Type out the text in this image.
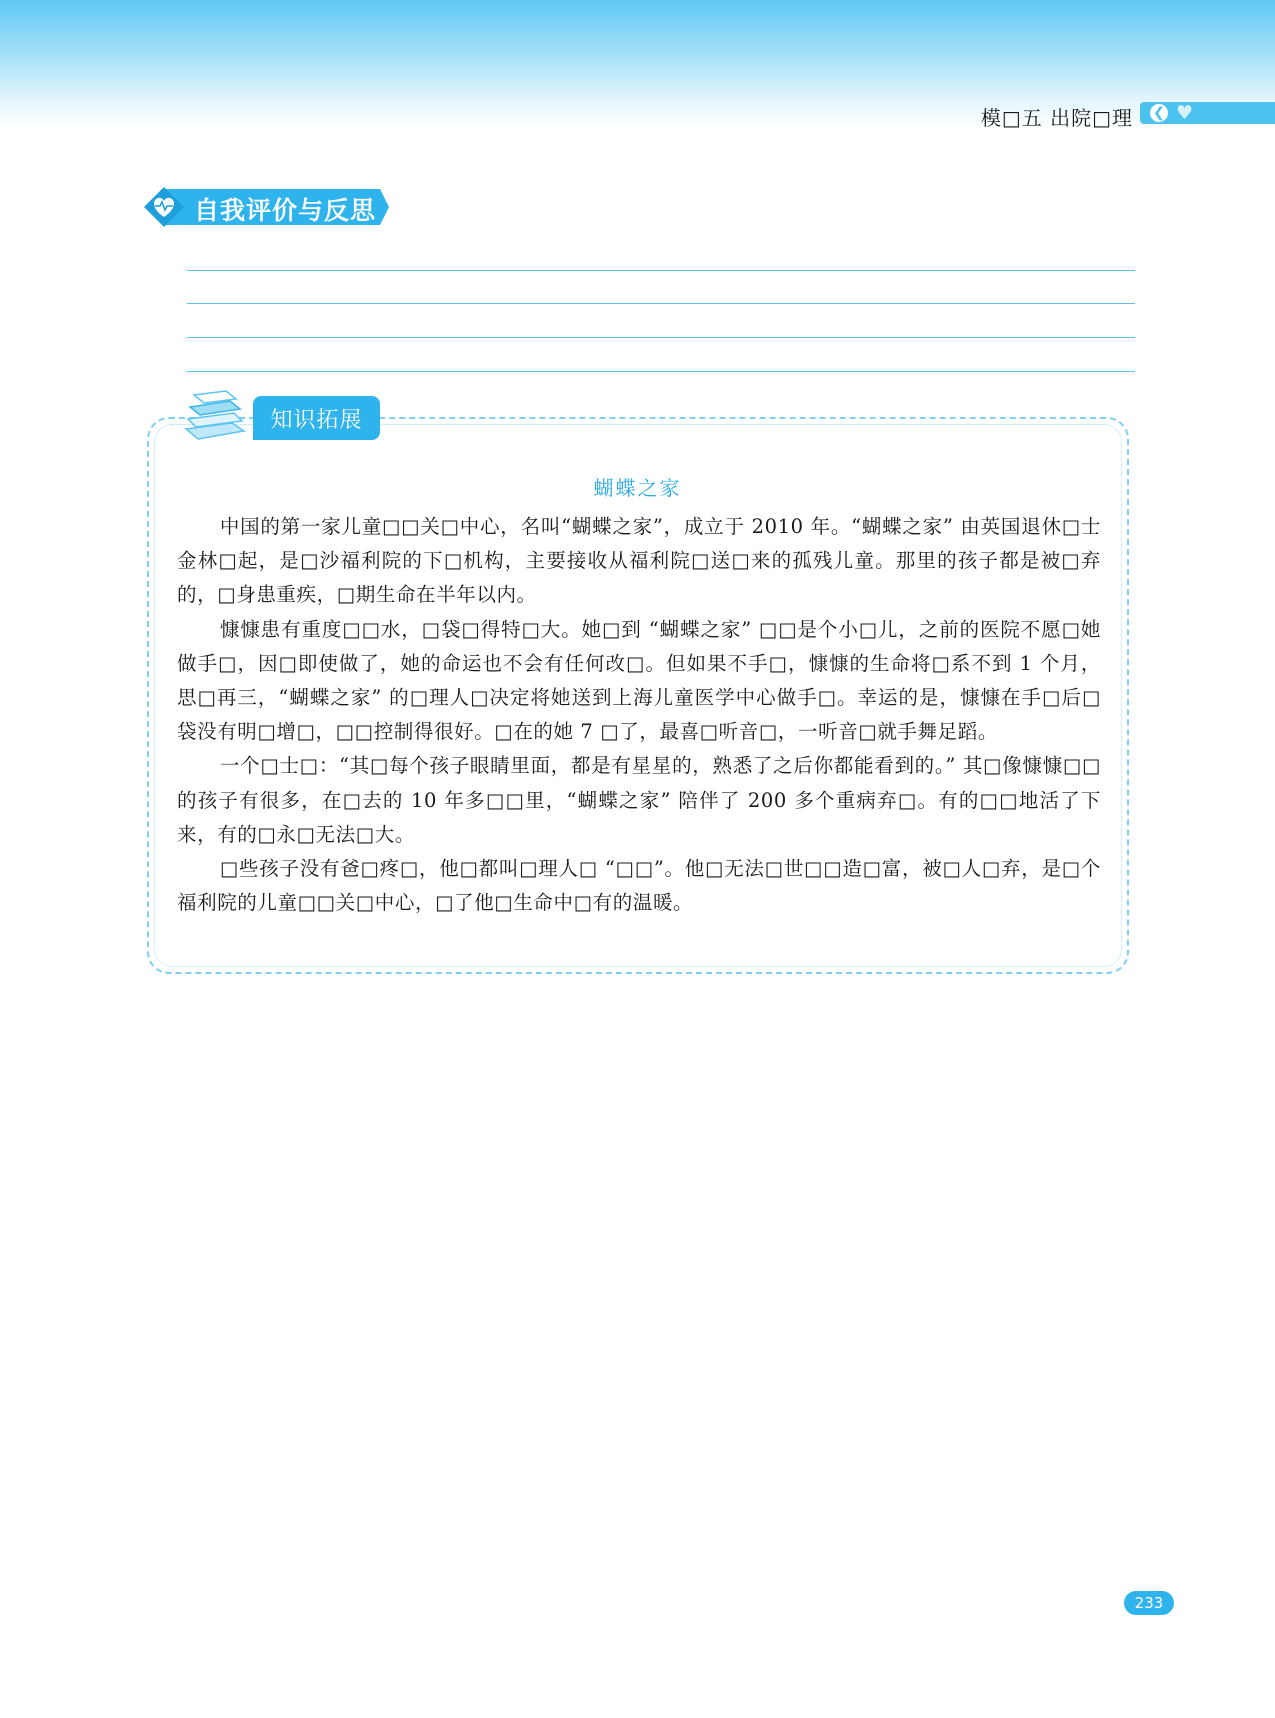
模□五 出院□理 ❮ ♥
自我评价与反思
知识拓展
蝴蝶之家

中国的第一家儿童□□关□中心，名叫“蝴蝶之家”，成立于 2010 年。“蝴蝶之家” 由英国退休□士金林□起，是□沙福利院的下□机构，主要接收从福利院□送□来的孤残儿童。那里的孩子都是被□弃的，□身患重疾，□期生命在半年以内。

慷慷患有重度□□水，□袋□得特□大。她□到 “蝴蝶之家” □□是个小□儿，之前的医院不愿□她做手□，因□即使做了，她的命运也不会有任何改□。但如果不手□，慷慷的生命将□系不到 1 个月，思□再三，“蝴蝶之家” 的□理人□决定将她送到上海儿童医学中心做手□。幸运的是，慷慷在手□后□袋没有明□增□，□□控制得很好。□在的她 7 □了，最喜□听音□，一听音□就手舞足蹈。

一个□士□：“其□每个孩子眼睛里面，都是有星星的，熟悉了之后你都能看到的。” 其□像慷慷□□的孩子有很多，在□去的 10 年多□□里，“蝴蝶之家” 陪伴了 200 多个重病弃□。有的□□地活了下来，有的□永□无法□大。

□些孩子没有爸□疼□，他□都叫□理人□ “□□”。他□无法□世□□造□富，被□人□弃，是□个福利院的儿童□□关□中心，□了他□生命中□有的温暖。

233
